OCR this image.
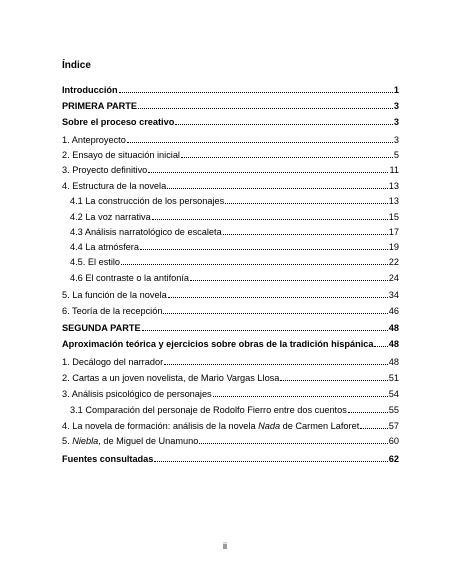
Índice
Introducción	1
PRIMERA PARTE	3
Sobre el proceso creativo	3
1. Anteproyecto	3
2. Ensayo de situación inicial	5
3. Proyecto definitivo	11
4. Estructura de la novela	13
4.1 La construcción de los personajes	13
4.2 La voz narrativa	15
4.3 Análisis narratológico de escaleta	17
4.4 La atmósfera	19
4.5. El estilo	22
4.6 El contraste o la antifonía	24
5. La función de la novela	34
6. Teoría de la recepción	46
SEGUNDA PARTE	48
Aproximación teórica y ejercicios sobre obras de la tradición hispánica 48
1. Decálogo del narrador	48
2. Cartas a un joven novelista, de Mario Vargas Llosa	51
3. Análisis psicológico de personajes	54
3.1 Comparación del personaje de Rodolfo Fierro entre dos cuentos	55
4. La novela de formación: análisis de la novela Nada de Carmen Laforet	57
5. Niebla, de Miguel de Unamuno	60
Fuentes consultadas	62
ii
